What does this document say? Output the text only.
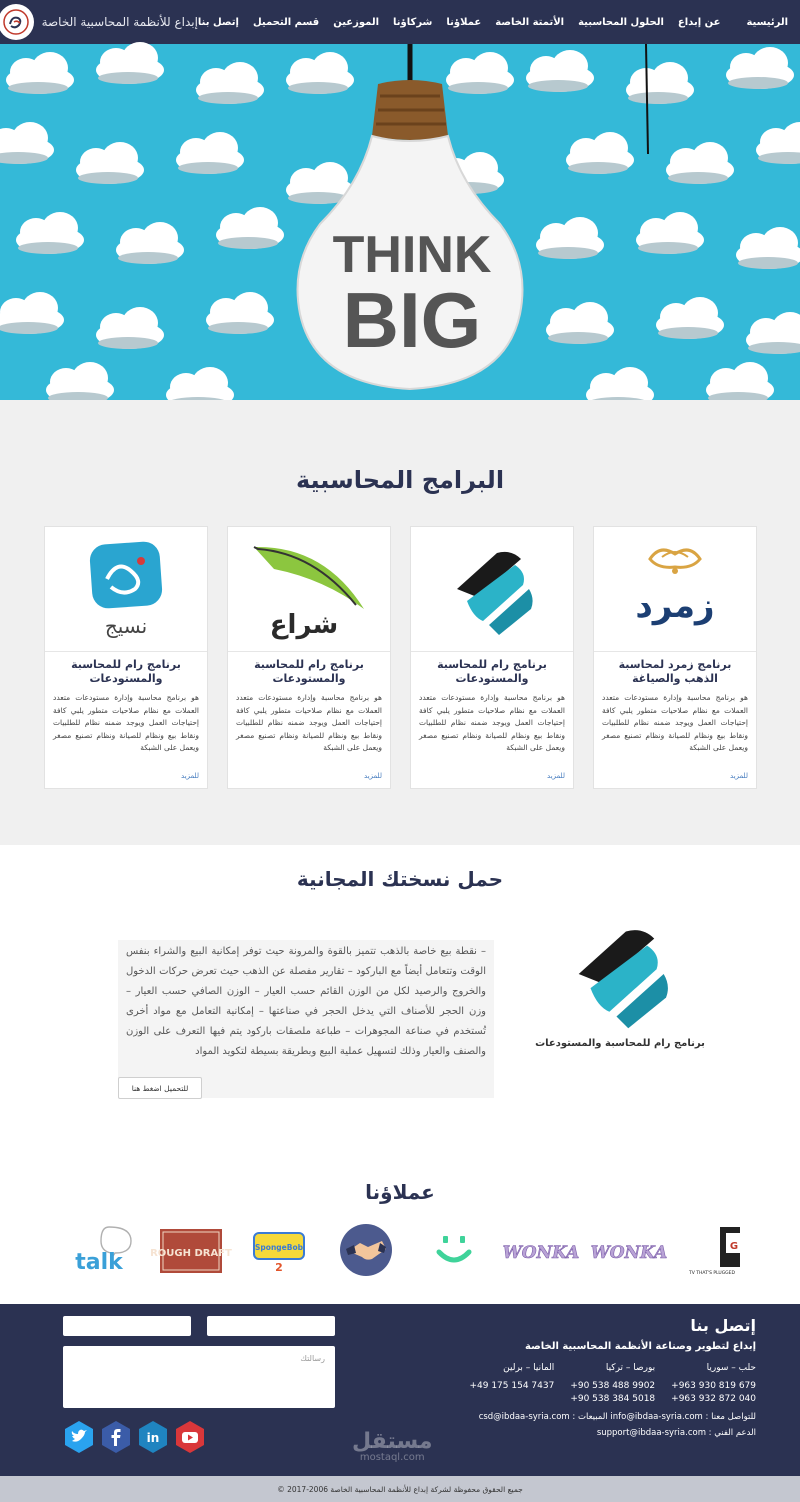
الرئيسية
عن إبداع
الحلول المحاسبية
الأتمتة الخاصة
عملاؤنا
شركاؤنا
الموزعين
قسم التحميل
إتصل بنا
إبداع للأنظمة المحاسبية الخاصة
THINK
BIG
البرامج المحاسبية
زمرد
برنامج زمرد لمحاسبة الذهب والصياغة
هو برنامج محاسبة وإدارة مستودعات متعدد العملات مع نظام صلاحيات متطور يلبي كافة إحتياجات العمل ويوجد ضمنه نظام للطلبيات ونقاط بيع ونظام للصيانة ونظام تصنيع مصغر ويعمل على الشبكة
للمزيد
برنامج رام للمحاسبة والمستودعات
هو برنامج محاسبة وإدارة مستودعات متعدد العملات مع نظام صلاحيات متطور يلبي كافة إحتياجات العمل ويوجد ضمنه نظام للطلبيات ونقاط بيع ونظام للصيانة ونظام تصنيع مصغر ويعمل على الشبكة
للمزيد
شراع
برنامج رام للمحاسبة والمستودعات
هو برنامج محاسبة وإدارة مستودعات متعدد العملات مع نظام صلاحيات متطور يلبي كافة إحتياجات العمل ويوجد ضمنه نظام للطلبيات ونقاط بيع ونظام للصيانة ونظام تصنيع مصغر ويعمل على الشبكة
للمزيد
نسيج
برنامج رام للمحاسبة والمستودعات
هو برنامج محاسبة وإدارة مستودعات متعدد العملات مع نظام صلاحيات متطور يلبي كافة إحتياجات العمل ويوجد ضمنه نظام للطلبيات ونقاط بيع ونظام للصيانة ونظام تصنيع مصغر ويعمل على الشبكة
للمزيد
حمل نسختك المجانية
– نقطة بيع خاصة بالذهب تتميز بالقوة والمرونة حيث توفر إمكانية البيع والشراء بنفس الوقت وتتعامل أيضاً مع الباركود – تقارير مفصلة عن الذهب حيث تعرض حركات الدخول والخروج والرصيد لكل من الوزن القائم حسب العيار – الوزن الصافي حسب العيار – وزن الحجر للأصناف التي يدخل الحجر في صناعتها – إمكانية التعامل مع مواد أخرى تُستخدم في صناعة المجوهرات – طباعة ملصقات باركود يتم فيها التعرف على الوزن والصنف والعيار وذلك لتسهيل عملية البيع وبطريقة بسيطة لتكويد المواد
للتحميل اضغط هنا
برنامج رام للمحاسبة والمستودعات
عملاؤنا
G
TV THAT'S PLUGGED
WONKA
WONKA
SpongeBob
2
ROUGH DRAFT
talk
إتصل بنا
إبداع لتطوير وصناعة الأنظمة المحاسبية الخاصة
حلب – سوريا
+963 930 819 679
+963 932 872 040
بورصا – تركيا
+90 538 488 9902
+90 538 384 5018
المانيا – برلين
+49 175 154 7437
للتواصل معنا : info@ibdaa-syria.com المبيعات : csd@ibdaa-syria.com
الدعم الفني : support@ibdaa-syria.com
رسالتك
in	مستقل
mostaql.com
جميع الحقوق محفوظة لشركة إبداع للأنظمة المحاسبية الخاصة 2006-2017 ©
